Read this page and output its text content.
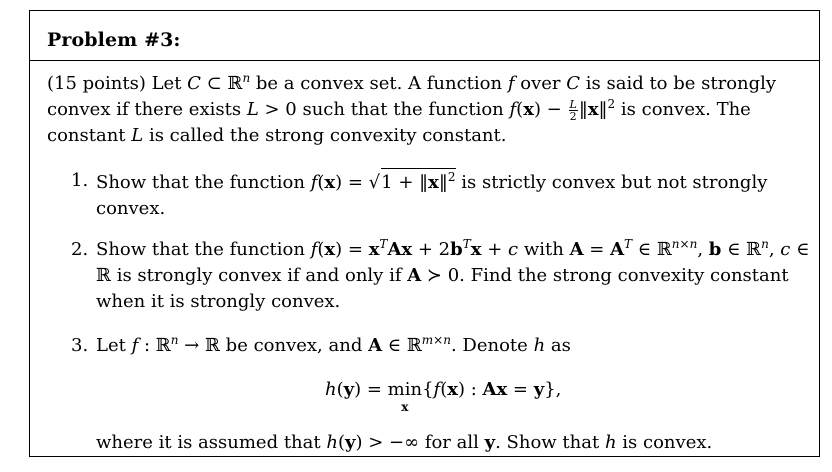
Problem #3:
(15 points) Let C ⊂ ℝ$^n$ be a convex set. A function f over C is said to be strongly convex if there exists L > 0 such that the function $f(x) - \frac{L}{2}$ ‖x‖$^2$ is convex. The constant L is called the strong convexity constant.
1. Show that the function f(x) = √1 + ‖x‖$^2$ is strictly convex but not strongly convex.
2. Show that the function $f(x) = x^TAx + 2b^Tx + c$ with $A = A^T$ ∈ ℝ$^{n\times n}$, b ∈ ℝ$^n$, c ∈ ℝ is strongly convex if and only if A ≻ 0. Find the strong convexity constant when it is strongly convex.
3. Let f : ℝ$^n$ → ℝ be convex, and A ∈ ℝ$^{m\times n}$. Denote h as
h(y) = min
x
{f(x) : Ax = y},
where it is assumed that h(y) > −∞ for all y. Show that h is convex.
